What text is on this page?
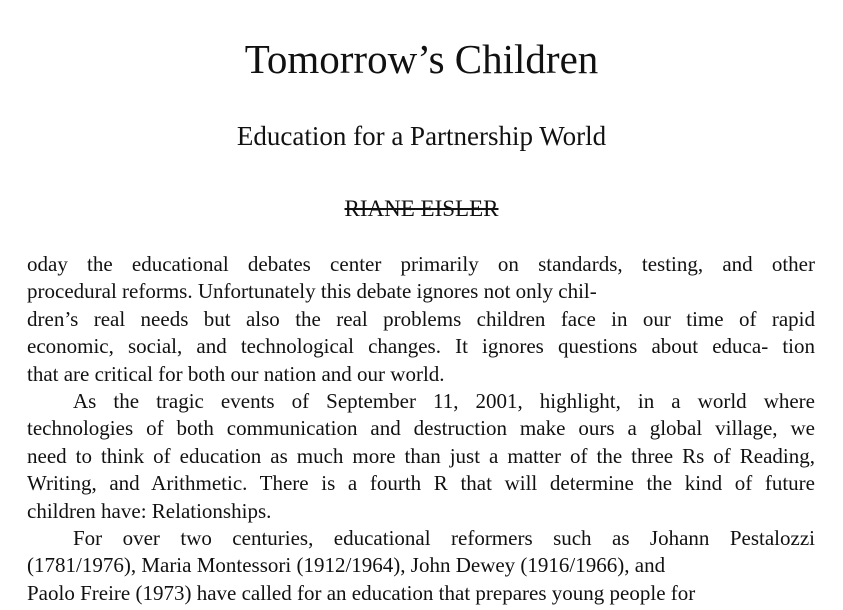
Tomorrow’s Children
Education for a Partnership World
RIANE EISLER
oday the educational debates center primarily on standards, testing, and other
procedural reforms. Unfortunately this debate ignores not only chil-
dren’s real needs but also the real problems children face in our time of rapid
economic, social, and technological changes. It ignores questions about educa- tion
that are critical for both our nation and our world.
As the tragic events of September 11, 2001, highlight, in a world where
technologies of both communication and destruction make ours a global village, we
need to think of education as much more than just a matter of the three Rs of Reading,
Writing, and Arithmetic. There is a fourth R that will determine the kind of future
children have: Relationships.
For over two centuries, educational reformers such as Johann Pestalozzi
(1781/1976), Maria Montessori (1912/1964), John Dewey (1916/1966), and
Paolo Freire (1973) have called for an education that prepares young people for
